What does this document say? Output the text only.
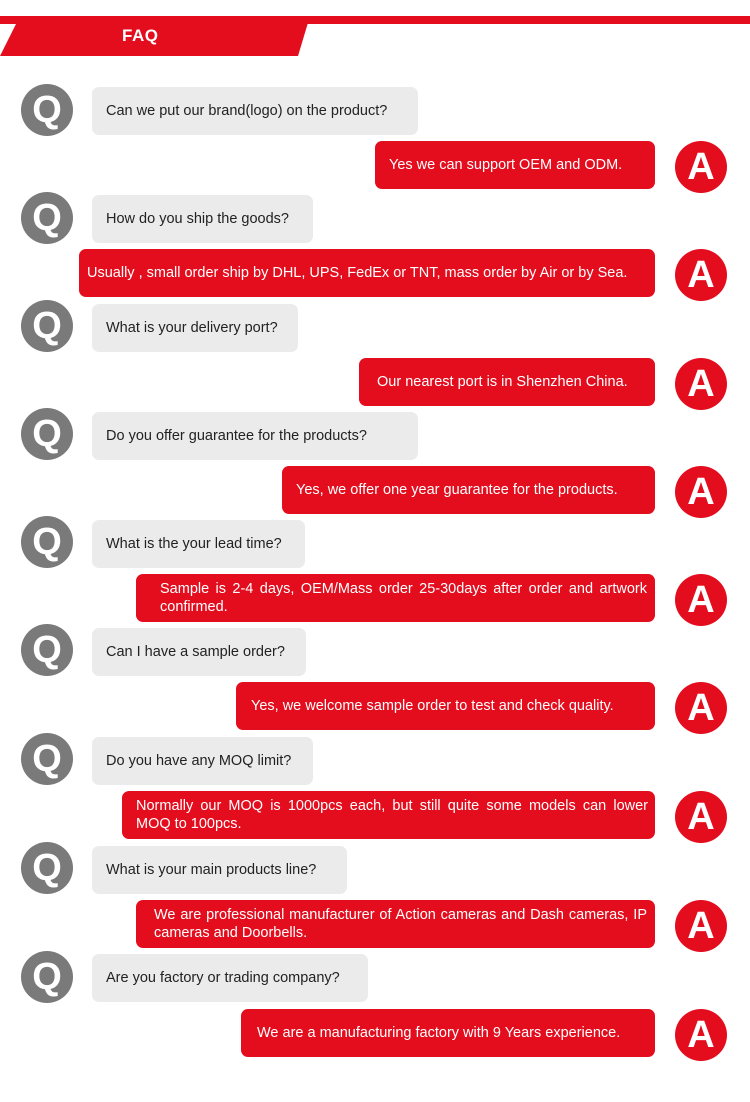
FAQ
Q	Can we put our brand(logo) on the product?
Yes we can support OEM and ODM.	A
Q	How do you ship the goods?
Usually , small order ship by DHL, UPS, FedEx or TNT, mass order by Air or by Sea.	A
Q	What is your delivery port?
Our nearest port is in Shenzhen China.	A
Q	Do you offer guarantee for the products?
Yes, we offer one year guarantee for the products.	A
Q	What is the your lead time?
Sample is 2-4 days, OEM/Mass order 25-30days after order and artwork confirmed.	A
Q	Can I have a sample order?
Yes, we welcome sample order to test and check quality.	A
Q	Do you have any MOQ limit?
Normally our MOQ is 1000pcs each, but still quite some models can lower MOQ to 100pcs.	A
Q	What is your main products line?
We are professional manufacturer of Action cameras and Dash cameras, IP cameras and Doorbells.	A
Q	Are you factory or trading company?
We are a manufacturing factory with 9 Years experience.	A
